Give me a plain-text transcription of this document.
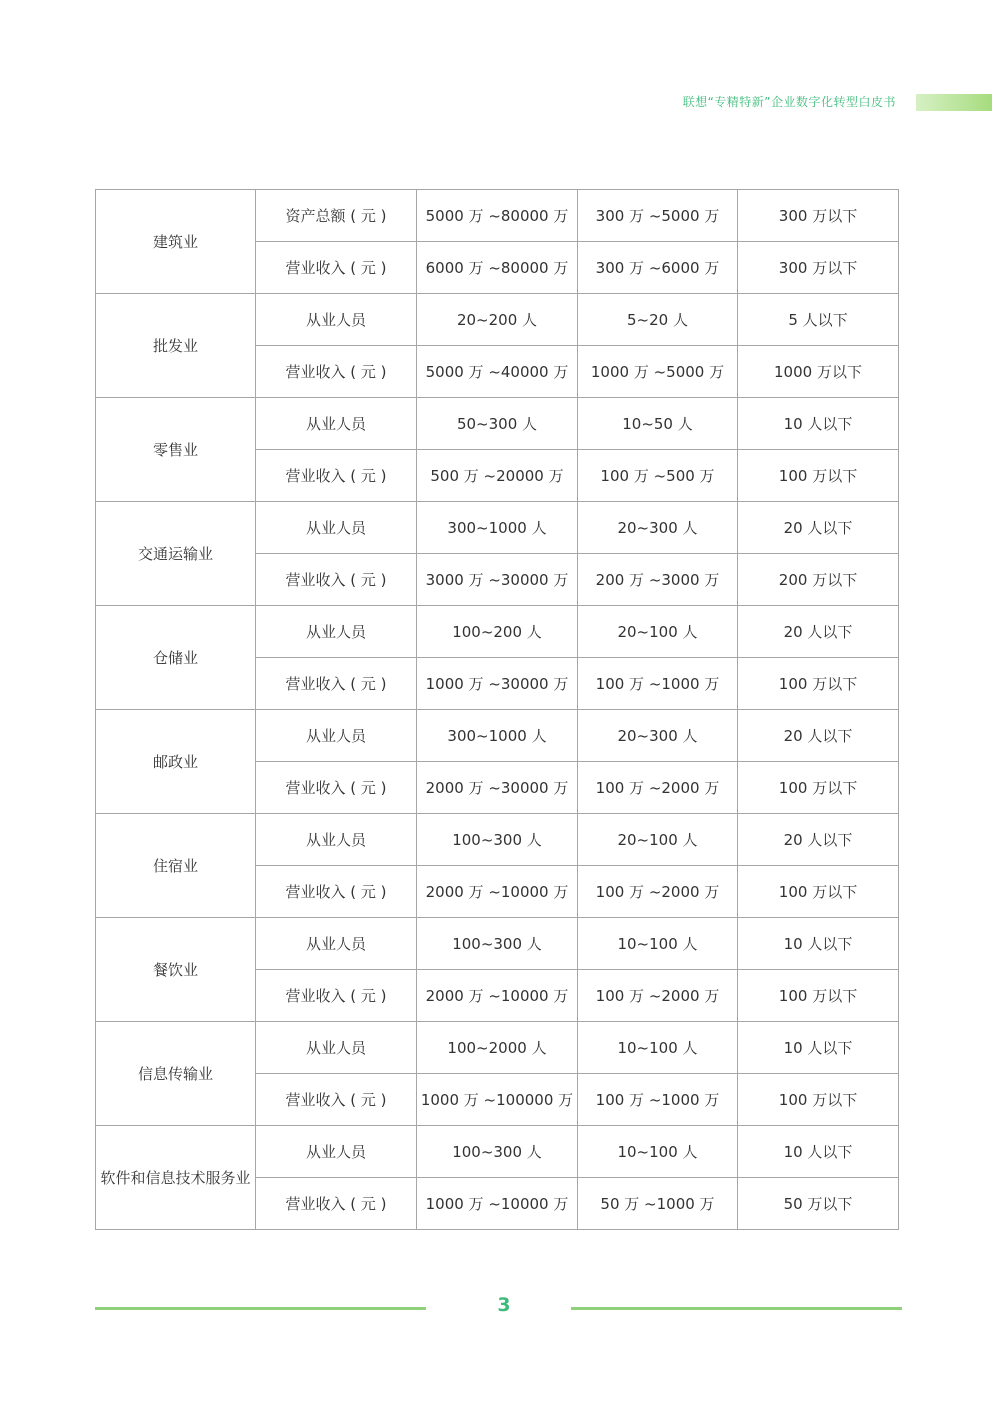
联想“专精特新”企业数字化转型白皮书
建筑业	资产总额 ( 元 )	5000 万 ~80000 万	300 万 ~5000 万	300 万以下
	营业收入 ( 元 )	6000 万 ~80000 万	300 万 ~6000 万	300 万以下
批发业	从业人员	20~200 人	5~20 人	5 人以下
	营业收入 ( 元 )	5000 万 ~40000 万	1000 万 ~5000 万	1000 万以下
零售业	从业人员	50~300 人	10~50 人	10 人以下
	营业收入 ( 元 )	500 万 ~20000 万	100 万 ~500 万	100 万以下
交通运输业	从业人员	300~1000 人	20~300 人	20 人以下
	营业收入 ( 元 )	3000 万 ~30000 万	200 万 ~3000 万	200 万以下
仓储业	从业人员	100~200 人	20~100 人	20 人以下
	营业收入 ( 元 )	1000 万 ~30000 万	100 万 ~1000 万	100 万以下
邮政业	从业人员	300~1000 人	20~300 人	20 人以下
	营业收入 ( 元 )	2000 万 ~30000 万	100 万 ~2000 万	100 万以下
住宿业	从业人员	100~300 人	20~100 人	20 人以下
	营业收入 ( 元 )	2000 万 ~10000 万	100 万 ~2000 万	100 万以下
餐饮业	从业人员	100~300 人	10~100 人	10 人以下
	营业收入 ( 元 )	2000 万 ~10000 万	100 万 ~2000 万	100 万以下
信息传输业	从业人员	100~2000 人	10~100 人	10 人以下
	营业收入 ( 元 )	1000 万 ~100000 万	100 万 ~1000 万	100 万以下
软件和信息技术服务业	从业人员	100~300 人	10~100 人	10 人以下
	营业收入 ( 元 )	1000 万 ~10000 万	50 万 ~1000 万	50 万以下
3
